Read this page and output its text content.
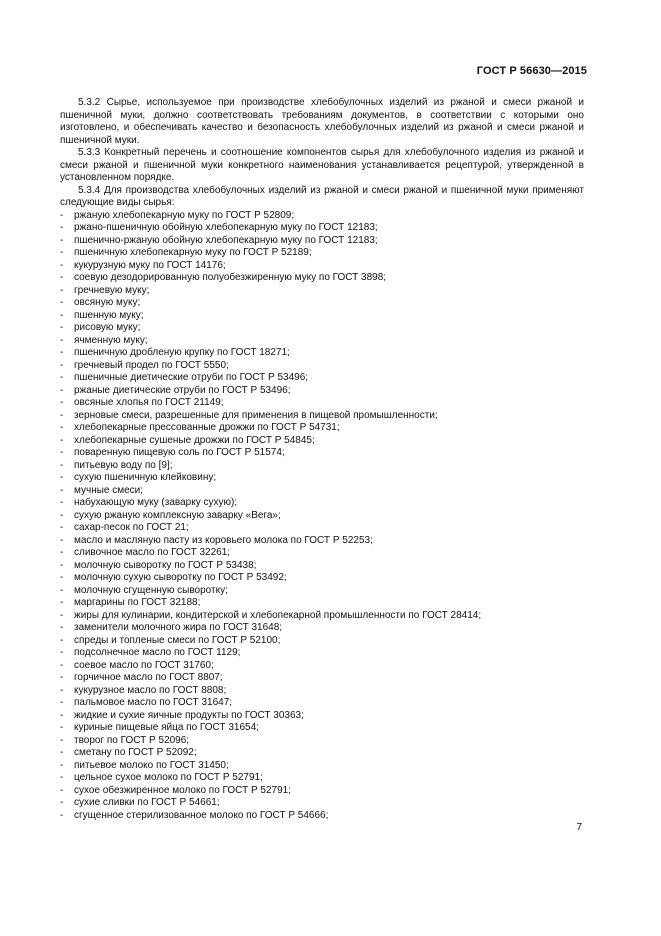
ГОСТ Р 56630—2015

5.3.2 Сырье, используемое при производстве хлебобулочных изделий из ржаной и смеси ржаной и пшеничной муки, должно соответствовать требованиям документов, в соответствии с которыми оно изготовлено, и обеспечивать качество и безопасность хлебобулочных изделий из ржаной и смеси ржаной и пшеничной муки.

5.3.3 Конкретный перечень и соотношение компонентов сырья для хлебобулочного изделия из ржаной и смеси ржаной и пшеничной муки конкретного наименования устанавливается рецептурой, утвержденной в установленном порядке.

5.3.4 Для производства хлебобулочных изделий из ржаной и смеси ржаной и пшеничной муки применяют следующие виды сырья:

- ржаную хлебопекарную муку по ГОСТ Р 52809;
- ржано-пшеничную обойную хлебопекарную муку по ГОСТ 12183;
- пшенично-ржаную обойную хлебопекарную муку по ГОСТ 12183;
- пшеничную хлебопекарную муку по ГОСТ Р 52189;
- кукурузную муку по ГОСТ 14176;
- соевую дезодорированную полуобезжиренную муку по ГОСТ 3898;
- гречневую муку;
- овсяную муку;
- пшенную муку;
- рисовую муку;
- ячменную муку;
- пшеничную дробленую крупку по ГОСТ 18271;
- гречневый продел по ГОСТ 5550;
- пшеничные диетические отруби по ГОСТ Р 53496;
- ржаные диетические отруби по ГОСТ Р 53496;
- овсяные хлопья по ГОСТ 21149;
- зерновые смеси, разрешенные для применения в пищевой промышленности;
- хлебопекарные прессованные дрожжи по ГОСТ Р 54731;
- хлебопекарные сушеные дрожжи по ГОСТ Р 54845;
- поваренную пищевую соль по ГОСТ Р 51574;
- питьевую воду по [9];
- сухую пшеничную клейковину;
- мучные смеси;
- набухающую муку (заварку сухую);
- сухую ржаную комплексную заварку «Вега»;
- сахар-песок по ГОСТ 21;
- масло и масляную пасту из коровьего молока по ГОСТ Р 52253;
- сливочное масло по ГОСТ 32261;
- молочную сыворотку по ГОСТ Р 53438;
- молочную сухую сыворотку по ГОСТ Р 53492;
- молочную сгущенную сыворотку;
- маргарины по ГОСТ 32188;
- жиры для кулинарии, кондитерской и хлебопекарной промышленности по ГОСТ 28414;
- заменители молочного жира по ГОСТ 31648;
- спреды и топленые смеси по ГОСТ Р 52100;
- подсолнечное масло по ГОСТ 1129;
- соевое масло по ГОСТ 31760;
- горчичное масло по ГОСТ 8807;
- кукурузное масло по ГОСТ 8808;
- пальмовое масло по ГОСТ 31647;
- жидкие и сухие яичные продукты по ГОСТ 30363;
- куриные пищевые яйца по ГОСТ 31654;
- творог по ГОСТ Р 52096;
- сметану по ГОСТ Р 52092;
- питьевое молоко по ГОСТ 31450;
- цельное сухое молоко по ГОСТ Р 52791;
- сухое обезжиренное молоко по ГОСТ Р 52791;
- сухие сливки по ГОСТ Р 54661;
- сгущенное стерилизованное молоко по ГОСТ Р 54666;
7
